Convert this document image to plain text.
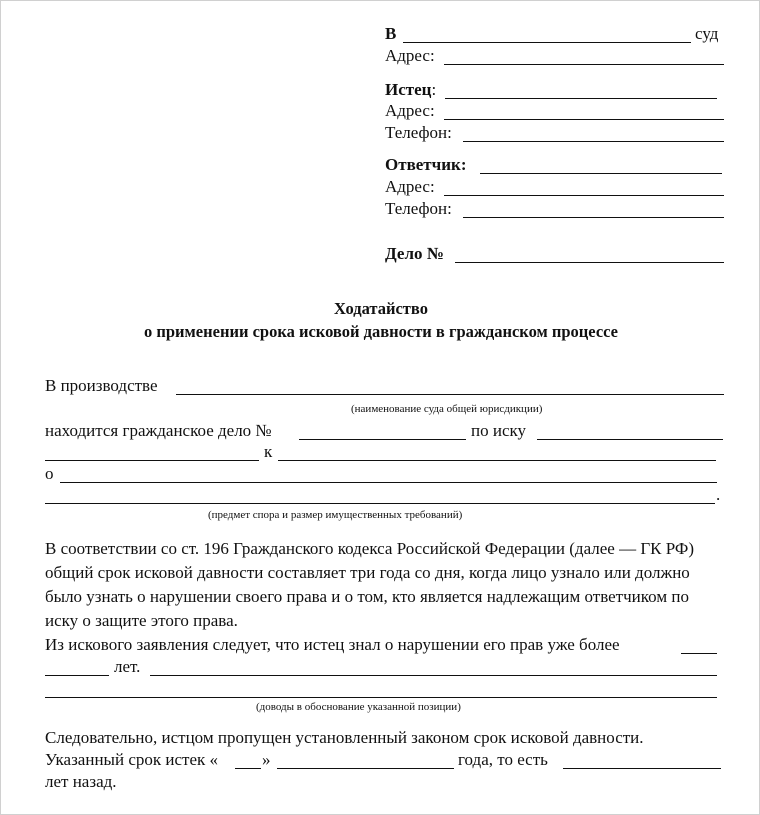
В	суд
Адрес:
Истец:
Адрес:
Телефон:
Ответчик:
Адрес:
Телефон:
Дело №
Ходатайство
о применении срока исковой давности в гражданском процессе
В производстве
(наименование суда общей юрисдикции)
находится гражданское дело №	по иску
к
о
.
(предмет спора и размер имущественных требований)
В соответствии со ст. 196 Гражданского кодекса Российской Федерации (далее — ГК РФ) общий срок исковой давности составляет три года со дня, когда лицо узнало или должно было узнать о нарушении своего права и о том, кто является надлежащим ответчиком по иску о защите этого права.
Из искового заявления следует, что истец знал о нарушении его прав уже более
лет.
(доводы в обоснование указанной позиции)
Следовательно, истцом пропущен установленный законом срок исковой давности.
Указанный срок истек «	»	года, то есть
лет назад.
